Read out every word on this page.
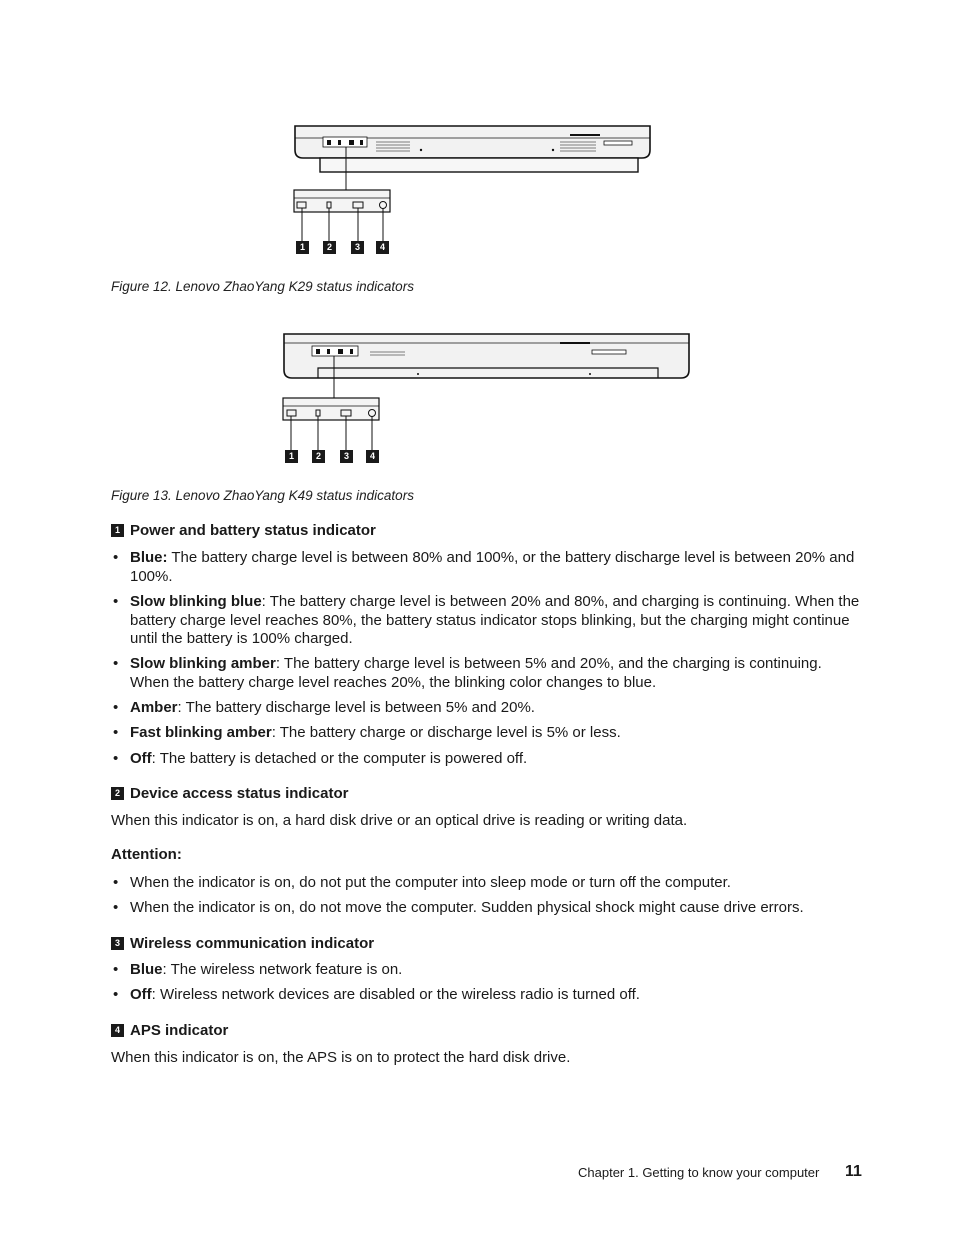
1	2	3	4
Figure 12. Lenovo ZhaoYang K29 status indicators
1	2	3	4
Figure 13. Lenovo ZhaoYang K49 status indicators
1 Power and battery status indicator
• Blue: The battery charge level is between 80% and 100%, or the battery discharge level is between 20% and 100%.
• Slow blinking blue: The battery charge level is between 20% and 80%, and charging is continuing. When the battery charge level reaches 80%, the battery status indicator stops blinking, but the charging might continue until the battery is 100% charged.
• Slow blinking amber: The battery charge level is between 5% and 20%, and the charging is continuing. When the battery charge level reaches 20%, the blinking color changes to blue.
• Amber: The battery discharge level is between 5% and 20%.
• Fast blinking amber: The battery charge or discharge level is 5% or less.
• Off: The battery is detached or the computer is powered off.
2 Device access status indicator
When this indicator is on, a hard disk drive or an optical drive is reading or writing data.
Attention:
• When the indicator is on, do not put the computer into sleep mode or turn off the computer.
• When the indicator is on, do not move the computer. Sudden physical shock might cause drive errors.
3 Wireless communication indicator
• Blue: The wireless network feature is on.
• Off: Wireless network devices are disabled or the wireless radio is turned off.
4 APS indicator
When this indicator is on, the APS is on to protect the hard disk drive.
Chapter 1. Getting to know your computer 11
